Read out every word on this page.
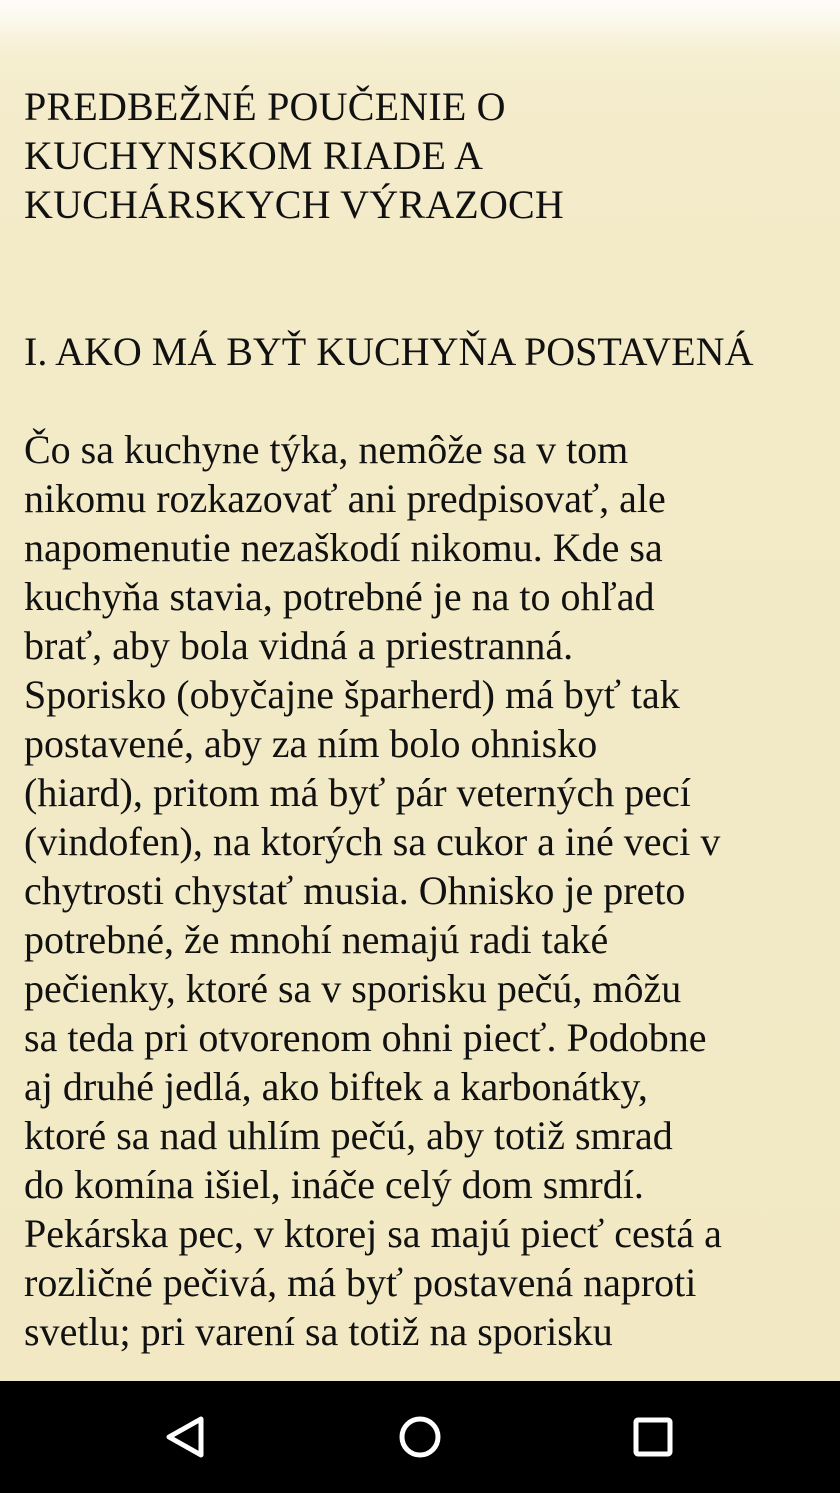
PREDBEŽNÉ POUČENIE O
KUCHYNSKOM RIADE A
KUCHÁRSKYCH VÝRAZOCH
I. AKO MÁ BYŤ KUCHYŇA POSTAVENÁ
Čo sa kuchyne týka, nemôže sa v tom
nikomu rozkazovať ani predpisovať, ale
napomenutie nezaškodí nikomu. Kde sa
kuchyňa stavia, potrebné je na to ohľad
brať, aby bola vidná a priestranná.
Sporisko (obyčajne šparherd) má byť tak
postavené, aby za ním bolo ohnisko
(hiard), pritom má byť pár veterných pecí
(vindofen), na ktorých sa cukor a iné veci v
chytrosti chystať musia. Ohnisko je preto
potrebné, že mnohí nemajú radi také
pečienky, ktoré sa v sporisku pečú, môžu
sa teda pri otvorenom ohni piecť. Podobne
aj druhé jedlá, ako biftek a karbonátky,
ktoré sa nad uhlím pečú, aby totiž smrad
do komína išiel, ináče celý dom smrdí.
Pekárska pec, v ktorej sa majú piecť cestá a
rozličné pečivá, má byť postavená naproti
svetlu; pri varení sa totiž na sporisku
